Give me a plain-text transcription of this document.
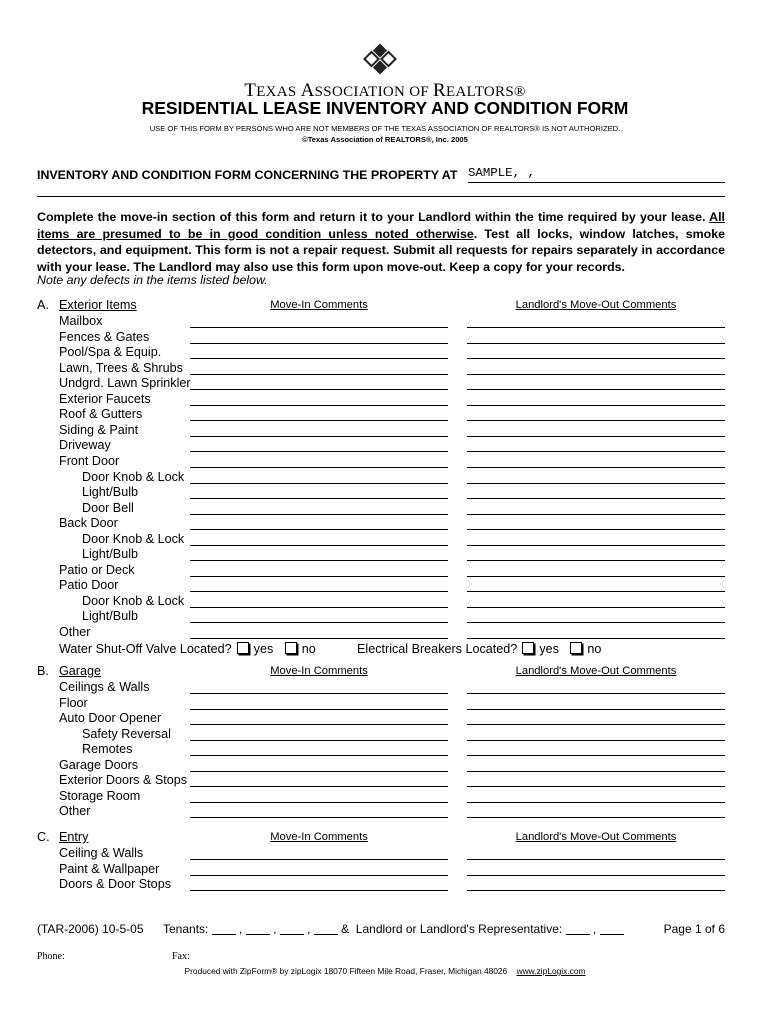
TEXAS ASSOCIATION OF REALTORS®
RESIDENTIAL LEASE INVENTORY AND CONDITION FORM
USE OF THIS FORM BY PERSONS WHO ARE NOT MEMBERS OF THE TEXAS ASSOCIATION OF REALTORS® IS NOT AUTHORIZED.
©Texas Association of REALTORS®, Inc. 2005
INVENTORY AND CONDITION FORM CONCERNING THE PROPERTY AT SAMPLE, ,
Complete the move-in section of this form and return it to your Landlord within the time required by your lease. All items are presumed to be in good condition unless noted otherwise. Test all locks, window latches, smoke detectors, and equipment. This form is not a repair request. Submit all requests for repairs separately in accordance with your lease. The Landlord may also use this form upon move-out. Keep a copy for your records.
Note any defects in the items listed below.
A. Exterior Items	Move-In Comments	Landlord's Move-Out Comments
Mailbox
Fences & Gates
Pool/Spa & Equip.
Lawn, Trees & Shrubs
Undgrd. Lawn Sprinkler
Exterior Faucets
Roof & Gutters
Siding & Paint
Driveway
Front Door
Door Knob & Lock
Light/Bulb
Door Bell
Back Door
Door Knob & Lock
Light/Bulb
Patio or Deck
Patio Door
Door Knob & Lock
Light/Bulb
Other
B. Garage	Move-In Comments	Landlord's Move-Out Comments
Ceilings & Walls
Floor
Auto Door Opener
Safety Reversal
Remotes
Garage Doors
Exterior Doors & Stops
Storage Room
Other
C. Entry	Move-In Comments	Landlord's Move-Out Comments
Ceiling & Walls
Paint & Wallpaper
Doors & Door Stops
Water Shut-Off Valve Located? yes no	Electrical Breakers Located? yes no
(TAR-2006) 10-5-05 Tenants:  ,  ,  ,  & Landlord or Landlord's Representative:  ,	Page 1 of 6
Phone:	Fax:
Produced with ZipForm® by zipLogix 18070 Fifteen Mile Road, Fraser, Michigan 48026 www.zipLogix.com
